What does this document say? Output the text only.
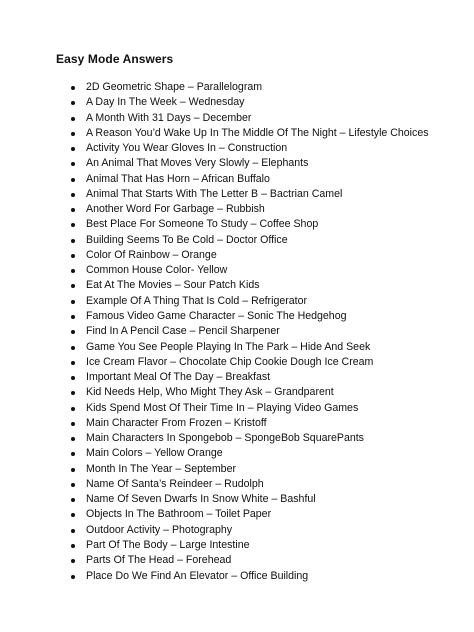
Easy Mode Answers
2D Geometric Shape – Parallelogram
A Day In The Week – Wednesday
A Month With 31 Days – December
A Reason You’d Wake Up In The Middle Of The Night – Lifestyle Choices
Activity You Wear Gloves In – Construction
An Animal That Moves Very Slowly – Elephants
Animal That Has Horn – African Buffalo
Animal That Starts With The Letter B – Bactrian Camel
Another Word For Garbage – Rubbish
Best Place For Someone To Study – Coffee Shop
Building Seems To Be Cold – Doctor Office
Color Of Rainbow – Orange
Common House Color- Yellow
Eat At The Movies – Sour Patch Kids
Example Of A Thing That Is Cold – Refrigerator
Famous Video Game Character – Sonic The Hedgehog
Find In A Pencil Case – Pencil Sharpener
Game You See People Playing In The Park – Hide And Seek
Ice Cream Flavor – Chocolate Chip Cookie Dough Ice Cream
Important Meal Of The Day – Breakfast
Kid Needs Help, Who Might They Ask – Grandparent
Kids Spend Most Of Their Time In – Playing Video Games
Main Character From Frozen – Kristoff
Main Characters In Spongebob – SpongeBob SquarePants
Main Colors – Yellow Orange
Month In The Year – September
Name Of Santa’s Reindeer – Rudolph
Name Of Seven Dwarfs In Snow White – Bashful
Objects In The Bathroom – Toilet Paper
Outdoor Activity – Photography
Part Of The Body – Large Intestine
Parts Of The Head – Forehead
Place Do We Find An Elevator – Office Building
